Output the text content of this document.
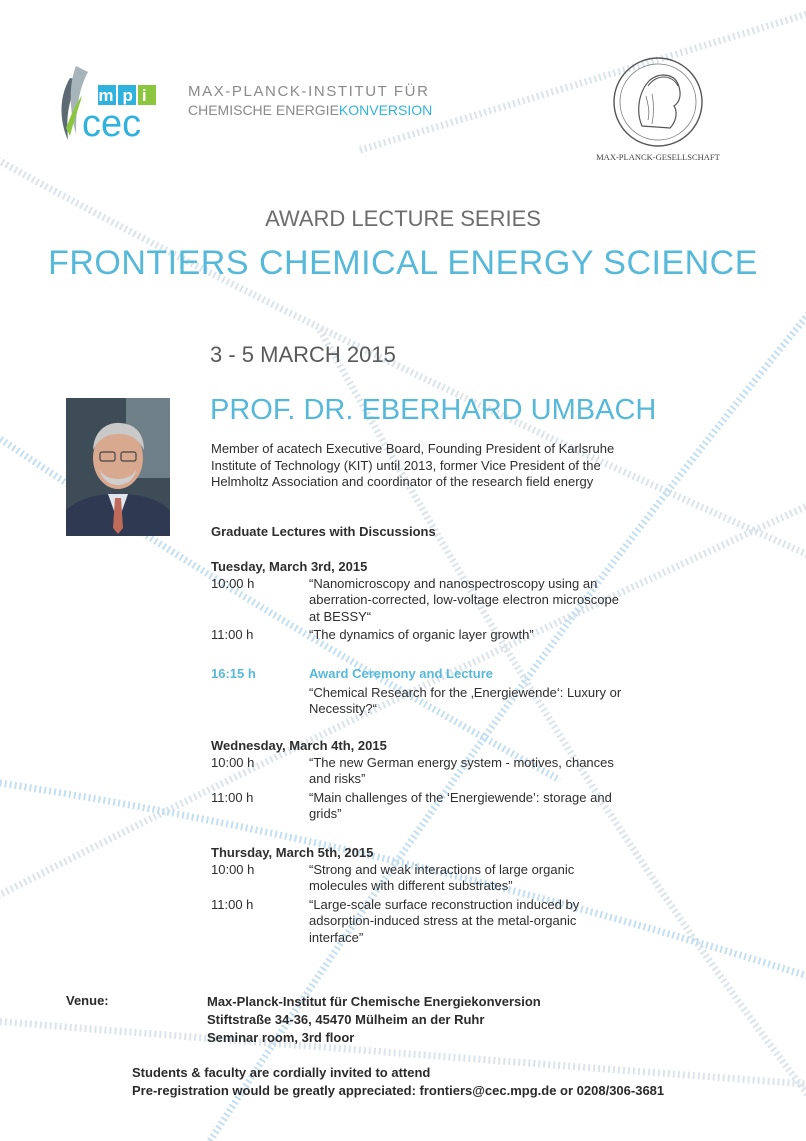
mpi
cec
MAX-PLANCK-INSTITUT FÜR
CHEMISCHE ENERGIEKONVERSION
MAX-PLANCK-GESELLSCHAFT
AWARD LECTURE SERIES
FRONTIERS CHEMICAL ENERGY SCIENCE
3 - 5 MARCH 2015
PROF. DR. EBERHARD UMBACH

Member of acatech Executive Board, Founding President of Karlsruhe Institute of Technology (KIT) until 2013, former Vice President of the Helmholtz Association and coordinator of the research field energy

Graduate Lectures with Discussions
Tuesday, March 3rd, 2015
10:00 h	“Nanomicroscopy and nanospectroscopy using an aberration-corrected, low-voltage electron microscope at BESSY“
11:00 h	“The dynamics of organic layer growth”
16:15 h	Award Ceremony and Lecture
“Chemical Research for the ‚Energiewende‘: Luxury or Necessity?“
Wednesday, March 4th, 2015
10:00 h	“The new German energy system - motives, chances and risks”
11:00 h	“Main challenges of the ‘Energiewende’: storage and grids”
Thursday, March 5th, 2015
10:00 h	“Strong and weak interactions of large organic molecules with different substrates”
11:00 h	“Large-scale surface reconstruction induced by adsorption-induced stress at the metal-organic interface”
Venue:	Max-Planck-Institut für Chemische Energiekonversion
Stiftstraße 34-36, 45470 Mülheim an der Ruhr
Seminar room, 3rd floor
Students & faculty are cordially invited to attend
Pre-registration would be greatly appreciated: frontiers@cec.mpg.de or 0208/306-3681
